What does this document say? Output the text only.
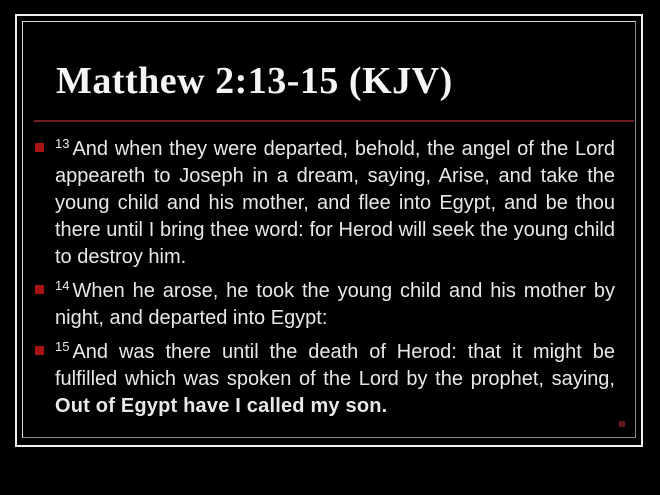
Matthew 2:13-15 (KJV)
$^{13}$ And when they were departed, behold, the angel of the Lord appeareth to Joseph in a dream, saying, Arise, and take the young child and his mother, and flee into Egypt, and be thou there until I bring thee word: for Herod will seek the young child to destroy him.
$^{14}$ When he arose, he took the young child and his mother by night, and departed into Egypt:
$^{15}$ And was there until the death of Herod: that it might be fulfilled which was spoken of the Lord by the prophet, saying, Out of Egypt have I called my son.
